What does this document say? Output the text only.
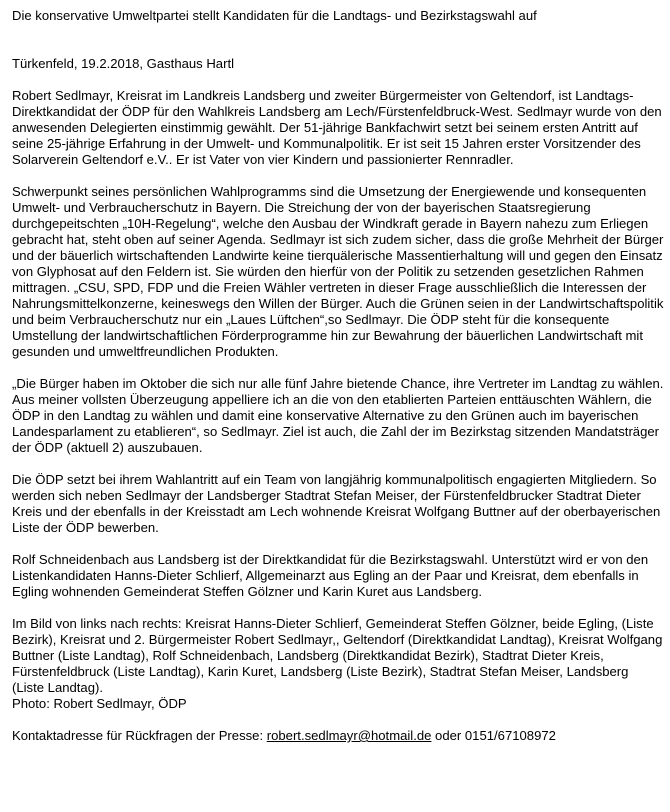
Die konservative Umweltpartei stellt Kandidaten für die Landtags- und Bezirkstagswahl auf

Türkenfeld, 19.2.2018, Gasthaus Hartl

Robert Sedlmayr, Kreisrat im Landkreis Landsberg und zweiter Bürgermeister von Geltendorf, ist Landtags-Direktkandidat der ÖDP für den Wahlkreis Landsberg am Lech/Fürstenfeldbruck-West. Sedlmayr wurde von den anwesenden Delegierten einstimmig gewählt. Der 51-jährige Bankfachwirt setzt bei seinem ersten Antritt auf seine 25-jährige Erfahrung in der Umwelt- und Kommunalpolitik. Er ist seit 15 Jahren erster Vorsitzender des Solarverein Geltendorf e.V.. Er ist Vater von vier Kindern und passionierter Rennradler.

Schwerpunkt seines persönlichen Wahlprogramms sind die Umsetzung der Energiewende und konsequenten Umwelt- und Verbraucherschutz in Bayern. Die Streichung der von der bayerischen Staatsregierung durchgepeitschten „10H-Regelung“, welche den Ausbau der Windkraft gerade in Bayern nahezu zum Erliegen gebracht hat, steht oben auf seiner Agenda. Sedlmayr ist sich zudem sicher, dass die große Mehrheit der Bürger und der bäuerlich wirtschaftenden Landwirte keine tierquälerische Massentierhaltung will und gegen den Einsatz von Glyphosat auf den Feldern ist. Sie würden den hierfür von der Politik zu setzenden gesetzlichen Rahmen mittragen. „CSU, SPD, FDP und die Freien Wähler vertreten in dieser Frage ausschließlich die Interessen der Nahrungsmittelkonzerne, keineswegs den Willen der Bürger. Auch die Grünen seien in der Landwirtschaftspolitik und beim Verbraucherschutz nur ein „Laues Lüftchen“,so Sedlmayr. Die ÖDP steht für die konsequente Umstellung der landwirtschaftlichen Förderprogramme hin zur Bewahrung der bäuerlichen Landwirtschaft mit gesunden und umweltfreundlichen Produkten.

„Die Bürger haben im Oktober die sich nur alle fünf Jahre bietende Chance, ihre Vertreter im Landtag zu wählen. Aus meiner vollsten Überzeugung appelliere ich an die von den etablierten Parteien enttäuschten Wählern, die ÖDP in den Landtag zu wählen und damit eine konservative Alternative zu den Grünen auch im bayerischen Landesparlament zu etablieren“, so Sedlmayr. Ziel ist auch, die Zahl der im Bezirkstag sitzenden Mandatsträger der ÖDP (aktuell 2) auszubauen.

Die ÖDP setzt bei ihrem Wahlantritt auf ein Team von langjährig kommunalpolitisch engagierten Mitgliedern. So werden sich neben Sedlmayr der Landsberger Stadtrat Stefan Meiser, der Fürstenfeldbrucker Stadtrat Dieter Kreis und der ebenfalls in der Kreisstadt am Lech wohnende Kreisrat Wolfgang Buttner auf der oberbayerischen Liste der ÖDP bewerben.

Rolf Schneidenbach aus Landsberg ist der Direktkandidat für die Bezirkstagswahl. Unterstützt wird er von den Listenkandidaten Hanns-Dieter Schlierf, Allgemeinarzt aus Egling an der Paar und Kreisrat, dem ebenfalls in Egling wohnenden Gemeinderat Steffen Gölzner und Karin Kuret aus Landsberg.

Im Bild von links nach rechts: Kreisrat Hanns-Dieter Schlierf, Gemeinderat Steffen Gölzner, beide Egling, (Liste Bezirk), Kreisrat und 2. Bürgermeister Robert Sedlmayr,, Geltendorf (Direktkandidat Landtag), Kreisrat Wolfgang Buttner (Liste Landtag), Rolf Schneidenbach, Landsberg (Direktkandidat Bezirk), Stadtrat Dieter Kreis, Fürstenfeldbruck (Liste Landtag), Karin Kuret, Landsberg (Liste Bezirk), Stadtrat Stefan Meiser, Landsberg (Liste Landtag).

Photo: Robert Sedlmayr, ÖDP

Kontaktadresse für Rückfragen der Presse: robert.sedlmayr@hotmail.de oder 0151/67108972
